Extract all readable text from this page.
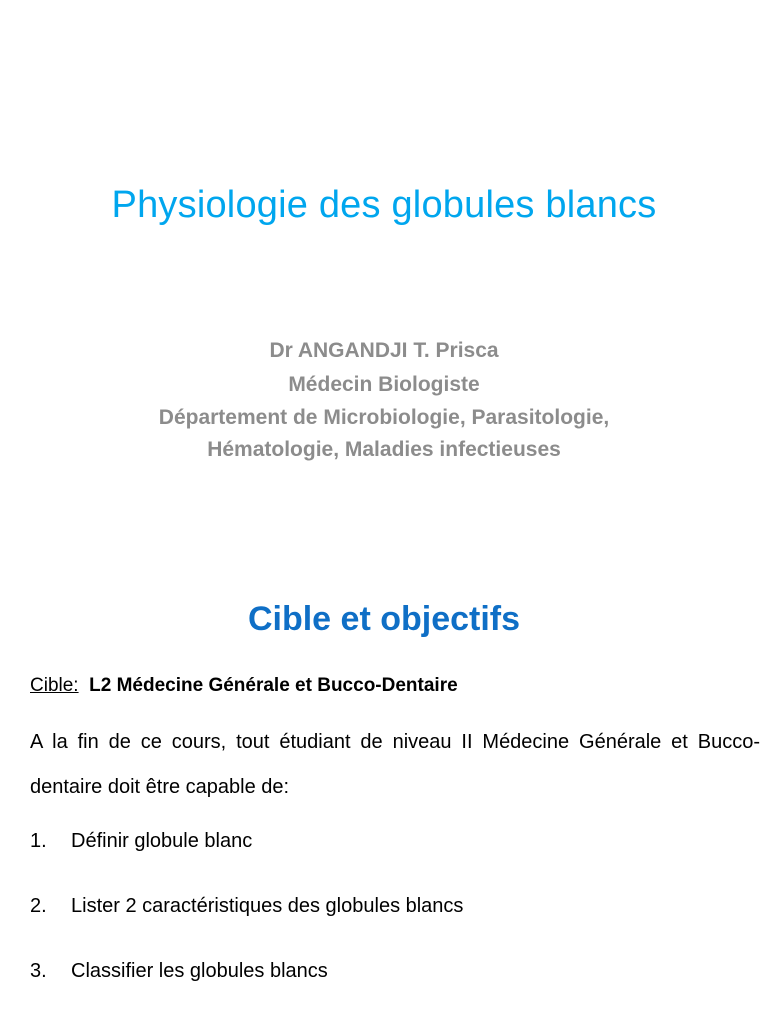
Physiologie des globules blancs
Dr ANGANDJI T. Prisca
Médecin Biologiste
Département de Microbiologie, Parasitologie,
Hématologie, Maladies infectieuses
Cible et objectifs
Cible: L2 Médecine Générale et Bucco-Dentaire
A la fin de ce cours, tout étudiant de niveau II Médecine Générale et Bucco-dentaire doit être capable de:
1.	Définir globule blanc
2.	Lister 2 caractéristiques des globules blancs
3.	Classifier les globules blancs
